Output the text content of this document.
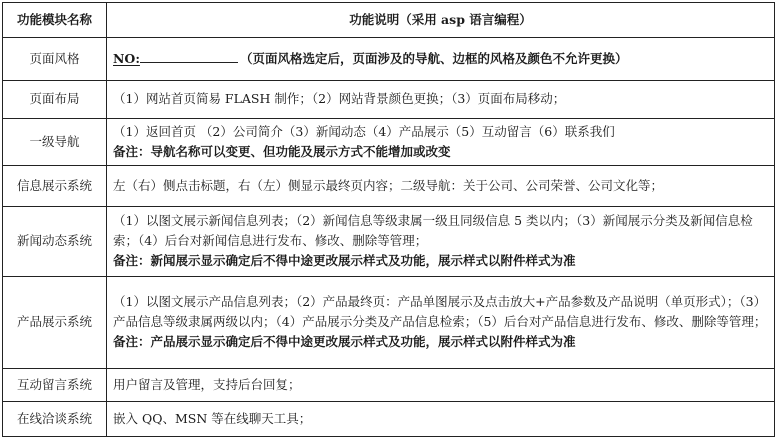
功能模块名称	功能说明（采用 asp 语言编程）
页面风格	NO: （页面风格选定后，页面涉及的导航、边框的风格及颜色不允许更换）
页面布局	（1）网站首页简易 FLASH 制作；（2）网站背景颜色更换；（3）页面布局移动；

一级导航	（1）返回首页 （2）公司简介（3）新闻动态（4）产品展示（5）互动留言（6）联系我们
备注：导航名称可以变更、但功能及展示方式不能增加或改变

信息展示系统	左（右）侧点击标题，右（左）侧显示最终页内容；二级导航：关于公司、公司荣誉、公司文化等；

新闻动态系统	（1）以图文展示新闻信息列表；（2）新闻信息等级隶属一级且同级信息 5 类以内；（3）新闻展示分类及新闻信息检索；（4）后台对新闻信息进行发布、修改、删除等管理；
备注：新闻展示显示确定后不得中途更改展示样式及功能，展示样式以附件样式为准

产品展示系统	（1）以图文展示产品信息列表；（2）产品最终页：产品单图展示及点击放大+产品参数及产品说明（单页形式）；（3）产品信息等级隶属两级以内；（4）产品展示分类及产品信息检索；（5）后台对产品信息进行发布、修改、删除等管理；
备注：产品展示显示确定后不得中途更改展示样式及功能，展示样式以附件样式为准

互动留言系统	用户留言及管理，支持后台回复；

在线洽谈系统	嵌入 QQ、MSN 等在线聊天工具；
